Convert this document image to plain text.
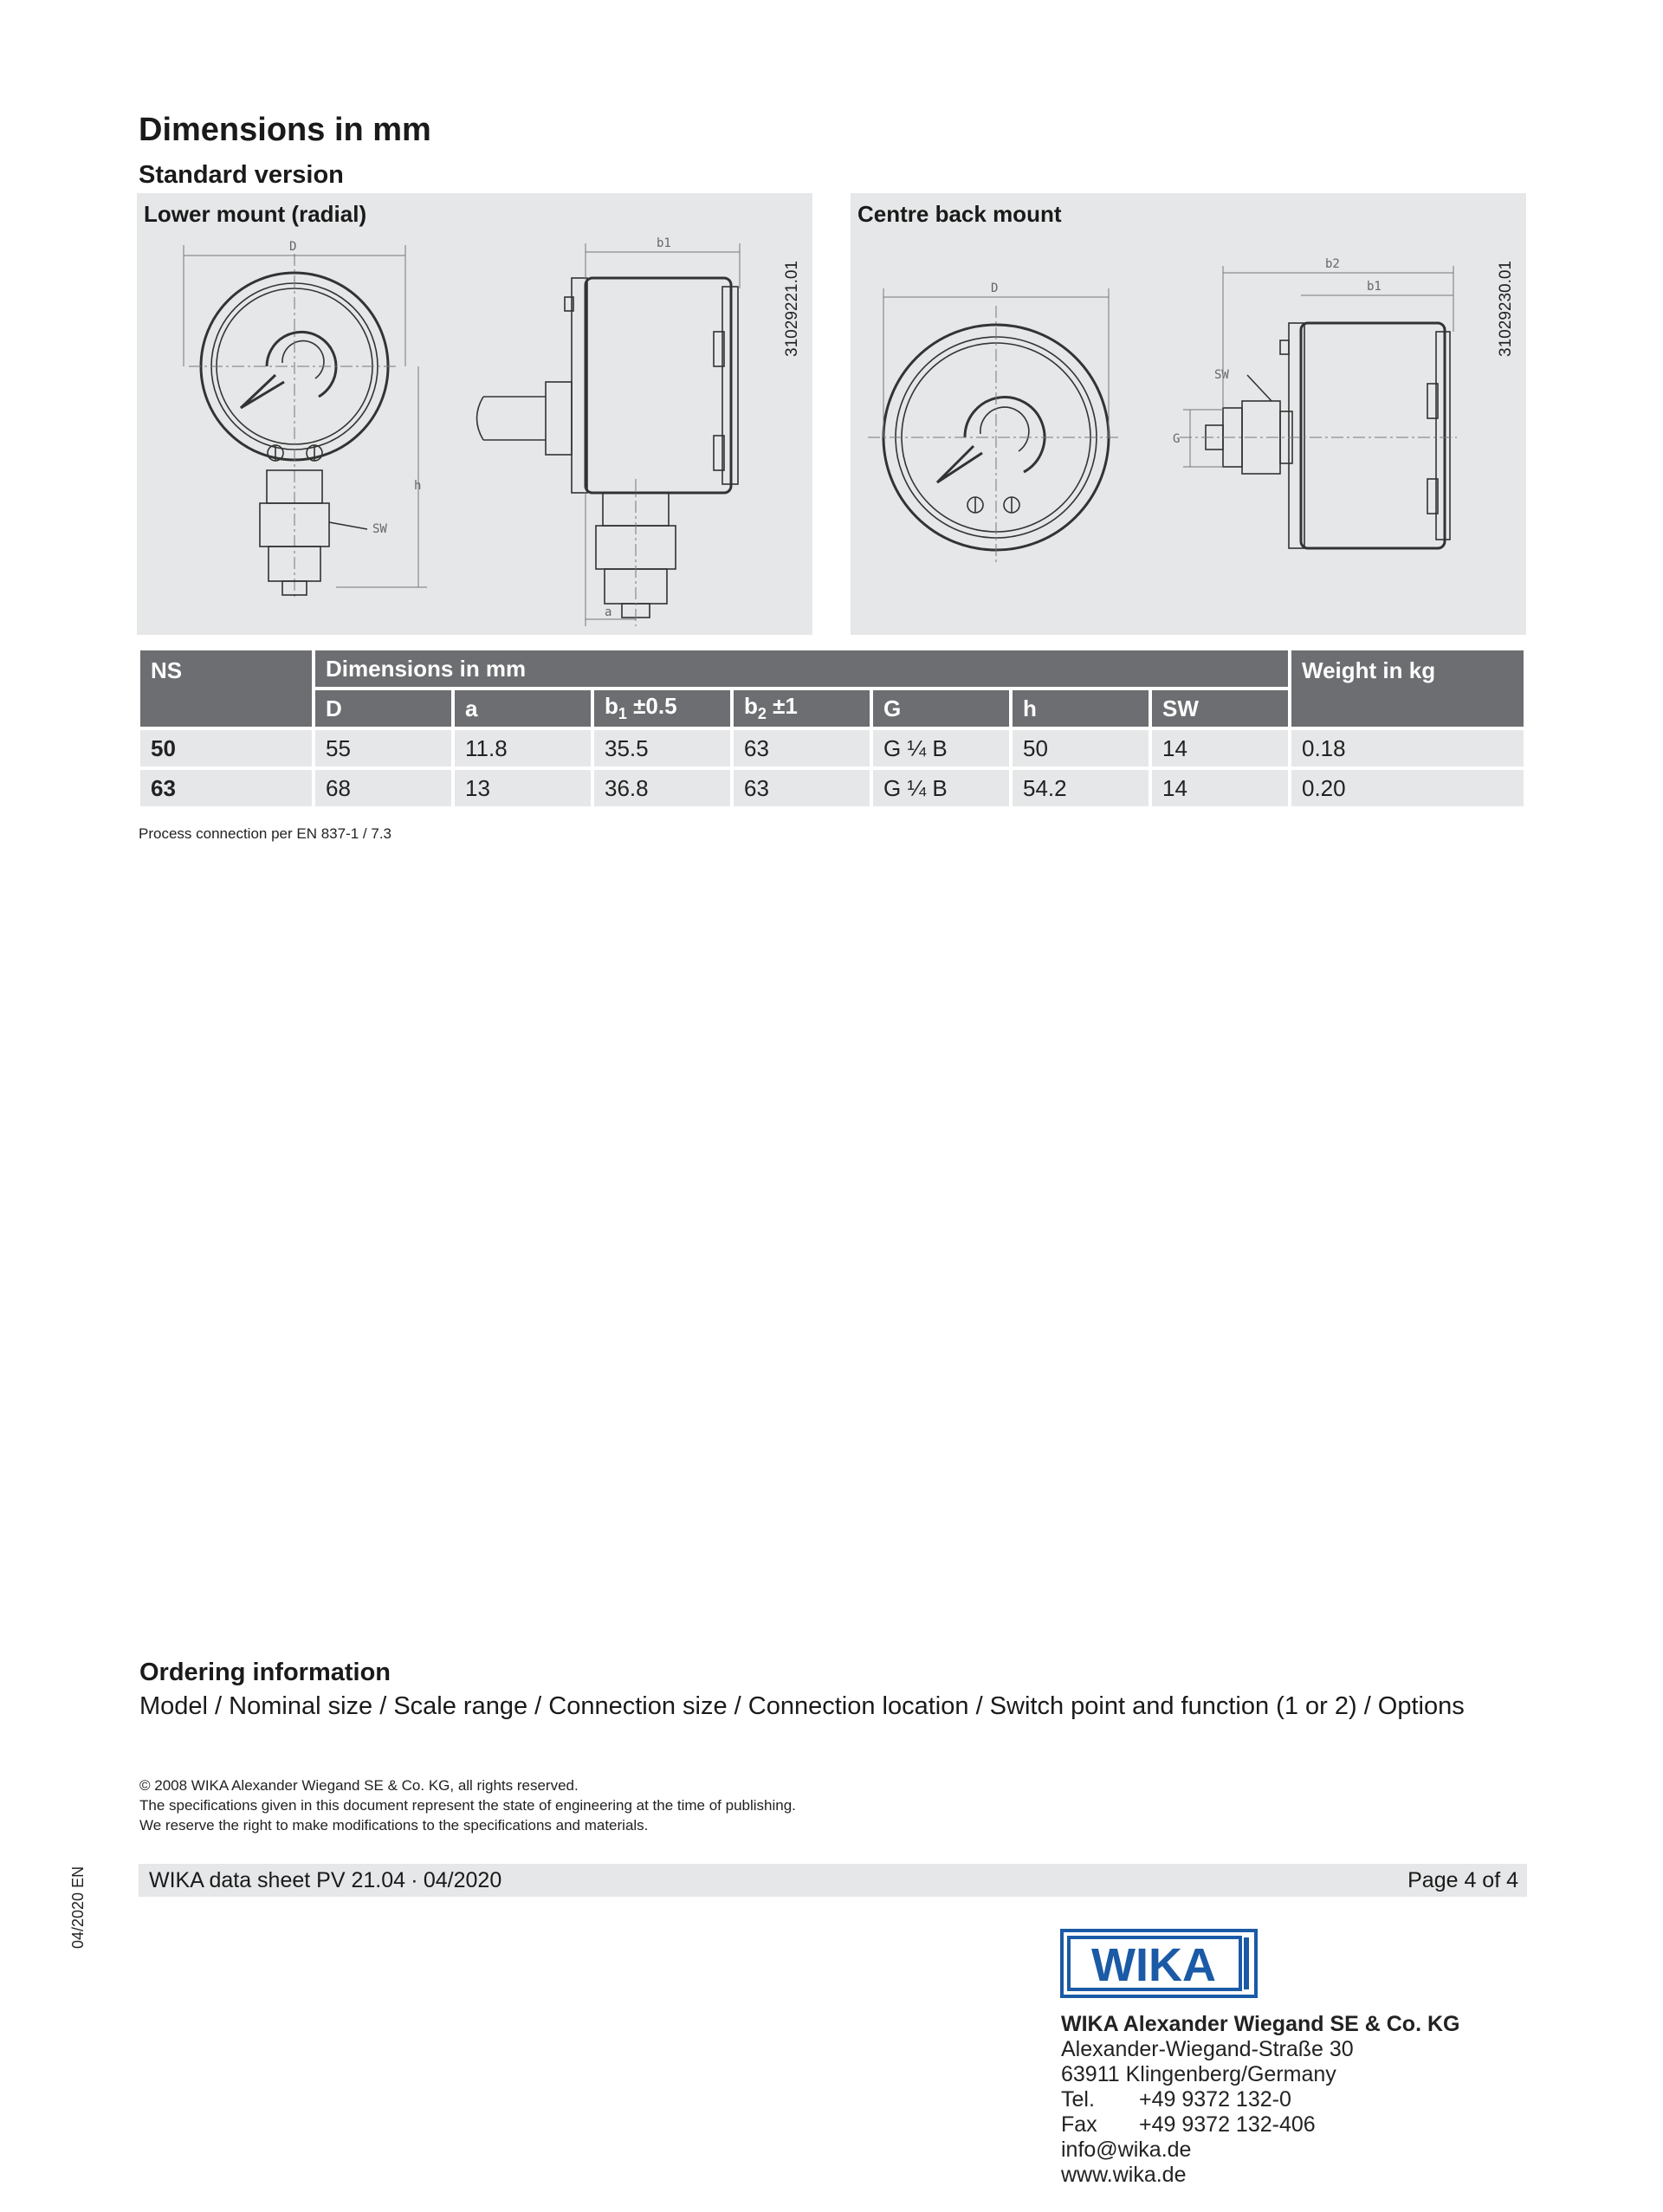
Dimensions in mm
Standard version
Lower mount (radial)
31029221.01
SW
D
h
b1
a
Centre back mount
31029230.01
D
SW
G
b1
b2
NS	Dimensions in mm							Weight in kg
	D	a	$b_1 \pm 0.5$	$b_2 \pm 1$	G	h	SW	
50	55	11.8	35.5	63	G ¼ B	50	14	0.18
63	68	13	36.8	63	G ¼ B	54.2	14	0.20
Process connection per EN 837-1 / 7.3
Ordering information
Model / Nominal size / Scale range / Connection size / Connection location / Switch point and function (1 or 2) / Options
© 2008 WIKA Alexander Wiegand SE & Co. KG, all rights reserved.
The specifications given in this document represent the state of engineering at the time of publishing.
We reserve the right to make modifications to the specifications and materials.
WIKA data sheet PV 21.04 ∙ 04/2020	Page 4 of 4
04/2020 EN
WIKA
WIKA Alexander Wiegand SE & Co. KG
Alexander-Wiegand-Straße 30
63911 Klingenberg/Germany
Tel. +49 9372 132-0
Fax +49 9372 132-406
info@wika.de
www.wika.de
